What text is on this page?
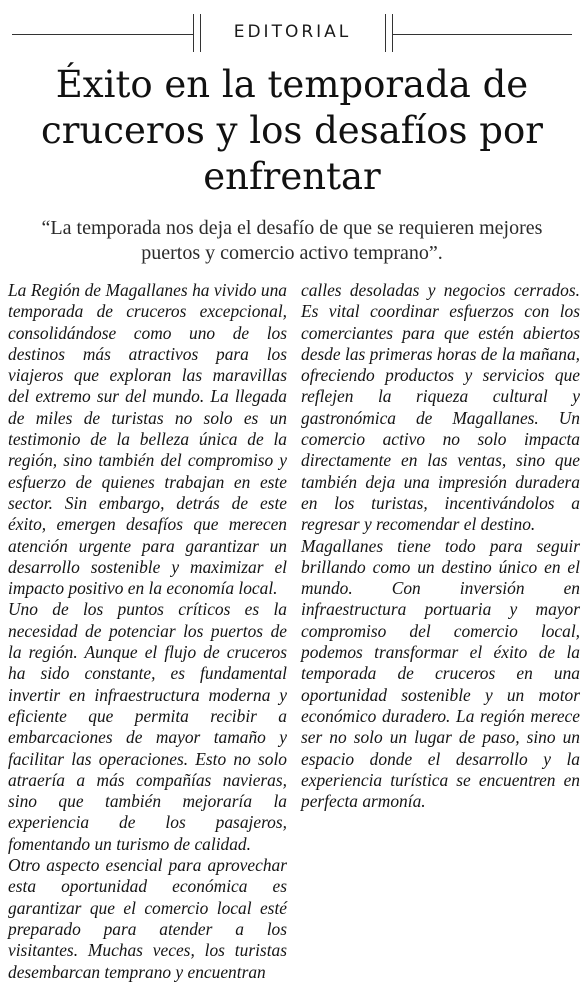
EDITORIAL
Éxito en la temporada de cruceros y los desafíos por enfrentar

“La temporada nos deja el desafío de que se requieren mejores puertos y comercio activo temprano”.

La Región de Magallanes ha vivido una temporada de cruceros excepcional, consolidándose como uno de los destinos más atractivos para los viajeros que exploran las maravillas del extremo sur del mundo. La llegada de miles de turistas no solo es un testimonio de la belleza única de la región, sino también del compromiso y esfuerzo de quienes trabajan en este sector. Sin embargo, detrás de este éxito, emergen desafíos que merecen atención urgente para garantizar un desarrollo sostenible y maximizar el impacto positivo en la economía local.

Uno de los puntos críticos es la necesidad de potenciar los puertos de la región. Aunque el flujo de cruceros ha sido constante, es fundamental invertir en infraestructura moderna y eficiente que permita recibir a embarcaciones de mayor tamaño y facilitar las operaciones. Esto no solo atraería a más compañías navieras, sino que también mejoraría la experiencia de los pasajeros, fomentando un turismo de calidad.

Otro aspecto esencial para aprovechar esta oportunidad económica es garantizar que el comercio local esté preparado para atender a los visitantes. Muchas veces, los turistas desembarcan temprano y encuentran

calles desoladas y negocios cerrados. Es vital coordinar esfuerzos con los comerciantes para que estén abiertos desde las primeras horas de la mañana, ofreciendo productos y servicios que reflejen la riqueza cultural y gastronómica de Magallanes. Un comercio activo no solo impacta directamente en las ventas, sino que también deja una impresión duradera en los turistas, incentivándolos a regresar y recomendar el destino.

Magallanes tiene todo para seguir brillando como un destino único en el mundo. Con inversión en infraestructura portuaria y mayor compromiso del comercio local, podemos transformar el éxito de la temporada de cruceros en una oportunidad sostenible y un motor económico duradero. La región merece ser no solo un lugar de paso, sino un espacio donde el desarrollo y la experiencia turística se encuentren en perfecta armonía.
